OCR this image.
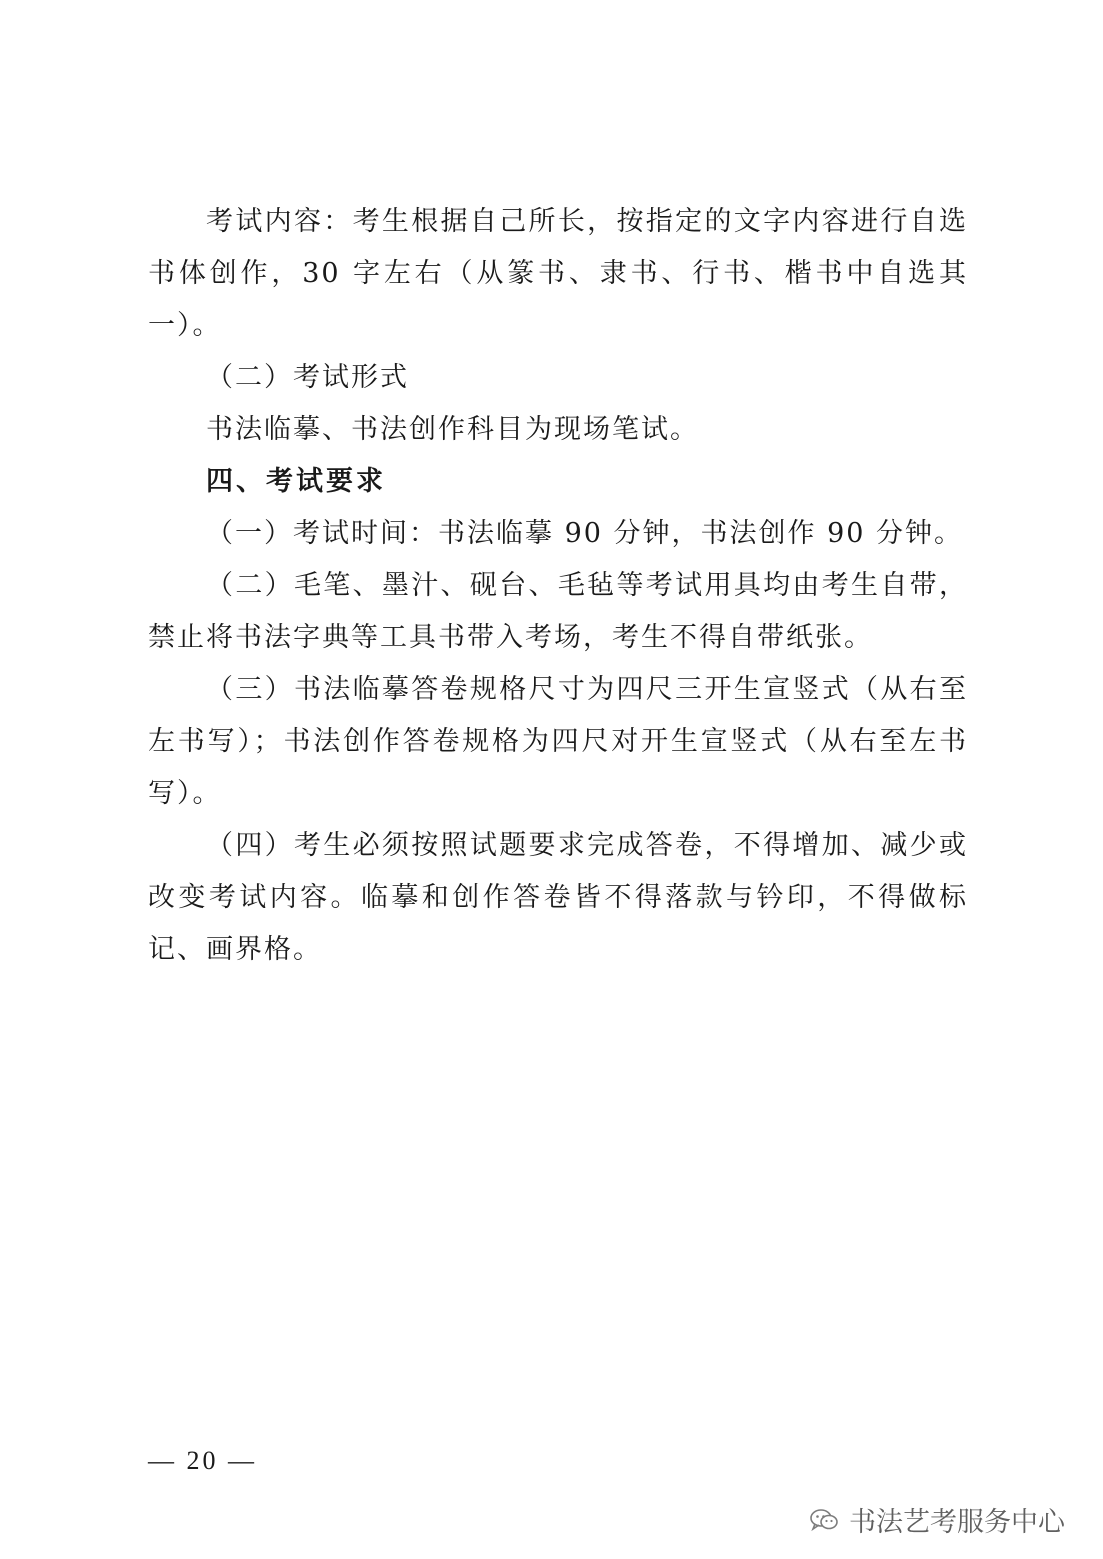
考试内容：考生根据自己所长，按指定的文字内容进行自选书体创作，30 字左右（从篆书、隶书、行书、楷书中自选其一）。

（二）考试形式

书法临摹、书法创作科目为现场笔试。

四、考试要求

（一）考试时间：书法临摹 90 分钟，书法创作 90 分钟。

（二）毛笔、墨汁、砚台、毛毡等考试用具均由考生自带，禁止将书法字典等工具书带入考场，考生不得自带纸张。

（三）书法临摹答卷规格尺寸为四尺三开生宣竖式（从右至左书写）；书法创作答卷规格为四尺对开生宣竖式（从右至左书写）。

（四）考生必须按照试题要求完成答卷，不得增加、减少或改变考试内容。临摹和创作答卷皆不得落款与钤印，不得做标记、画界格。

— 20 —
书法艺考服务中心
